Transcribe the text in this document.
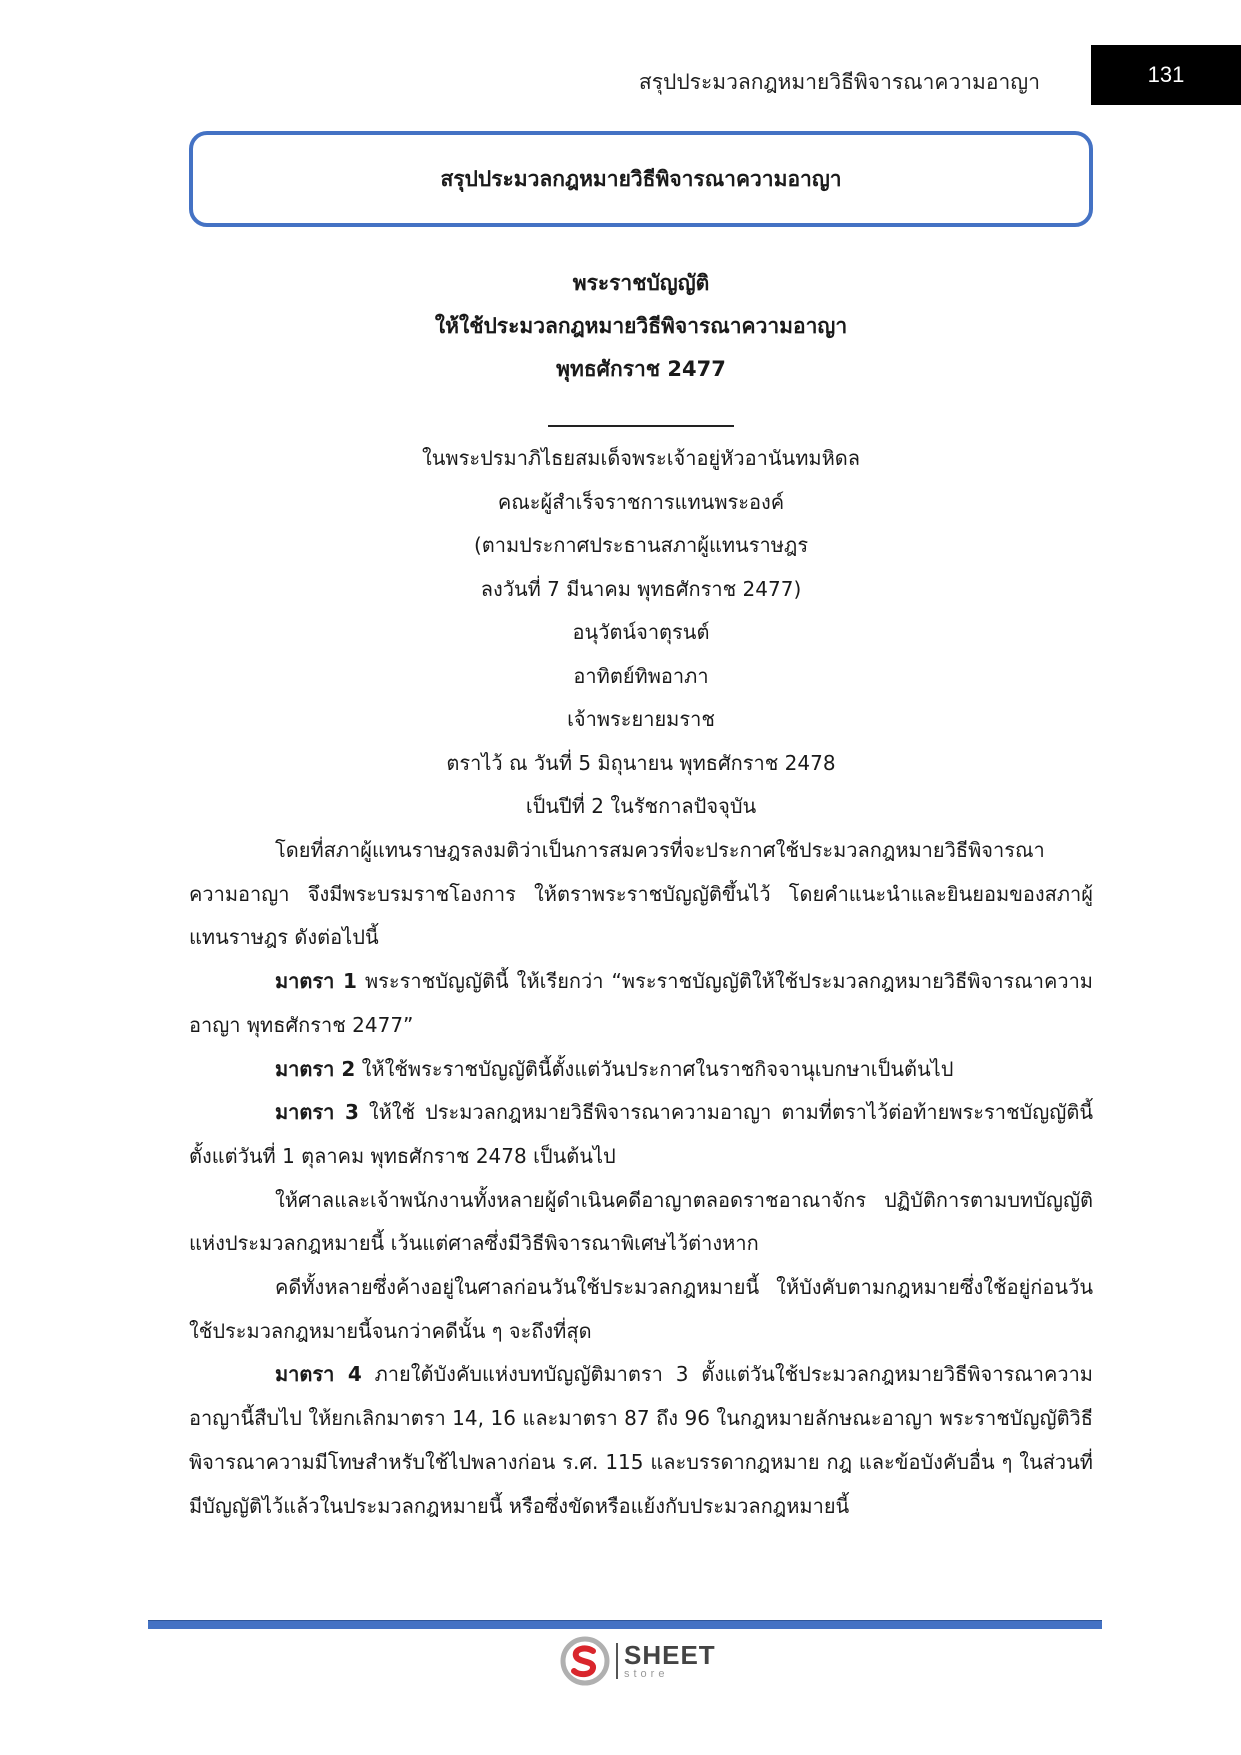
สรุปประมวลกฎหมายวิธีพิจารณาความอาญา	131
สรุปประมวลกฎหมายวิธีพิจารณาความอาญา
พระราชบัญญัติ
ให้ใช้ประมวลกฎหมายวิธีพิจารณาความอาญา
พุทธศักราช 2477
ในพระปรมาภิไธยสมเด็จพระเจ้าอยู่หัวอานันทมหิดล
คณะผู้สำเร็จราชการแทนพระองค์
(ตามประกาศประธานสภาผู้แทนราษฎร
ลงวันที่ 7 มีนาคม พุทธศักราช 2477)
อนุวัตน์จาตุรนต์
อาทิตย์ทิพอาภา
เจ้าพระยายมราช
ตราไว้ ณ วันที่ 5 มิถุนายน พุทธศักราช 2478
เป็นปีที่ 2 ในรัชกาลปัจจุบัน

โดยที่สภาผู้แทนราษฎรลงมติว่าเป็นการสมควรที่จะประกาศใช้ประมวลกฎหมายวิธีพิจารณาความอาญา จึงมีพระบรมราชโองการ ให้ตราพระราชบัญญัติขึ้นไว้ โดยคำแนะนำและยินยอมของสภาผู้แทนราษฎร ดังต่อไปนี้

มาตรา 1 พระราชบัญญัตินี้ ให้เรียกว่า “พระราชบัญญัติให้ใช้ประมวลกฎหมายวิธีพิจารณาความอาญา พุทธศักราช 2477”

มาตรา 2 ให้ใช้พระราชบัญญัตินี้ตั้งแต่วันประกาศในราชกิจจานุเบกษาเป็นต้นไป

มาตรา 3 ให้ใช้ ประมวลกฎหมายวิธีพิจารณาความอาญา ตามที่ตราไว้ต่อท้ายพระราชบัญญัตินี้ ตั้งแต่วันที่ 1 ตุลาคม พุทธศักราช 2478 เป็นต้นไป

ให้ศาลและเจ้าพนักงานทั้งหลายผู้ดำเนินคดีอาญาตลอดราชอาณาจักร ปฏิบัติการตามบทบัญญัติแห่งประมวลกฎหมายนี้ เว้นแต่ศาลซึ่งมีวิธีพิจารณาพิเศษไว้ต่างหาก

คดีทั้งหลายซึ่งค้างอยู่ในศาลก่อนวันใช้ประมวลกฎหมายนี้ ให้บังคับตามกฎหมายซึ่งใช้อยู่ก่อนวันใช้ประมวลกฎหมายนี้จนกว่าคดีนั้น ๆ จะถึงที่สุด

มาตรา 4 ภายใต้บังคับแห่งบทบัญญัติมาตรา 3 ตั้งแต่วันใช้ประมวลกฎหมายวิธีพิจารณาความอาญานี้สืบไป ให้ยกเลิกมาตรา 14, 16 และมาตรา 87 ถึง 96 ในกฎหมายลักษณะอาญา พระราชบัญญัติวิธีพิจารณาความมีโทษสำหรับใช้ไปพลางก่อน ร.ศ. 115 และบรรดากฎหมาย กฎ และข้อบังคับอื่น ๆ ในส่วนที่มีบัญญัติไว้แล้วในประมวลกฎหมายนี้ หรือซึ่งขัดหรือแย้งกับประมวลกฎหมายนี้

SHEET
store
